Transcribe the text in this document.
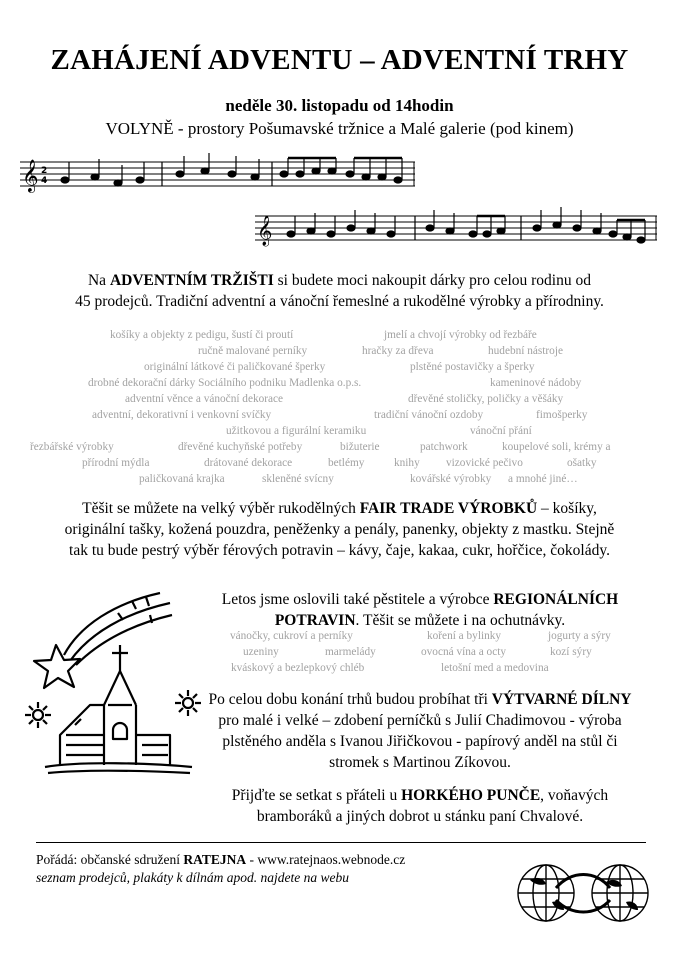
ZAHÁJENÍ ADVENTU – ADVENTNÍ TRHY
neděle 30. listopadu od 14hodin
VOLYNĚ - prostory Pošumavské tržnice a Malé galerie (pod kinem)
𝄞 2
4
𝄞
Na ADVENTNÍM TRŽIŠTI si budete moci nakoupit dárky pro celou rodinu od
45 prodejců. Tradiční adventní a vánoční řemeslné a rukodělné výrobky a přírodniny.
košíky a objekty z pedigu, šustí či proutí	jmelí a chvojí výrobky od řezbáře
ručně malované perníky	hračky za dřeva	hudební nástroje
originální látkové či paličkované šperky	plstěné postavičky a šperky
drobné dekorační dárky Sociálního podniku Madlenka o.p.s.	kameninové nádoby
adventní věnce a vánoční dekorace	dřevěné stoličky, poličky a věšáky
adventní, dekorativní i venkovní svíčky	tradiční vánoční ozdoby	fimošperky
užitkovou a figurální keramiku	vánoční přání
řezbářské výrobky	dřevěné kuchyňské potřeby	bižuterie	patchwork	koupelové soli, krémy a
přírodní mýdla	drátované dekorace	betlémy	knihy vizovické pečivo	ošatky
paličkovaná krajka	skleněné svícny	kovářské výrobky a mnohé jiné…
Těšit se můžete na velký výběr rukodělných FAIR TRADE VÝROBKŮ – košíky,
originální tašky, kožená pouzdra, peněženky a penály, panenky, objekty z mastku. Stejně
tak tu bude pestrý výběr férových potravin – kávy, čaje, kakaa, cukr, hořčice, čokolády.
Letos jsme oslovili také pěstitele a výrobce REGIONÁLNÍCH
POTRAVIN. Těšit se můžete i na ochutnávky.
vánočky, cukroví a perníky	koření a bylinky	jogurty a sýry
uzeniny	marmelády	ovocná vína a octy	kozí sýry
kváskový a bezlepkový chléb	letošní med a medovina
Po celou dobu konání trhů budou probíhat tři VÝTVARNÉ DÍLNY
pro malé i velké – zdobení perníčků s Julií Chadimovou - výroba
plstěného anděla s Ivanou Jiřičkovou - papírový anděl na stůl či
stromek s Martinou Zíkovou.
Přijďte se setkat s přáteli u HORKÉHO PUNČE, voňavých
bramboráků a jiných dobrot u stánku paní Chvalové.
Pořádá: občanské sdružení RATEJNA - www.ratejnaos.webnode.cz
seznam prodejců, plakáty k dílnám apod. najdete na webu
